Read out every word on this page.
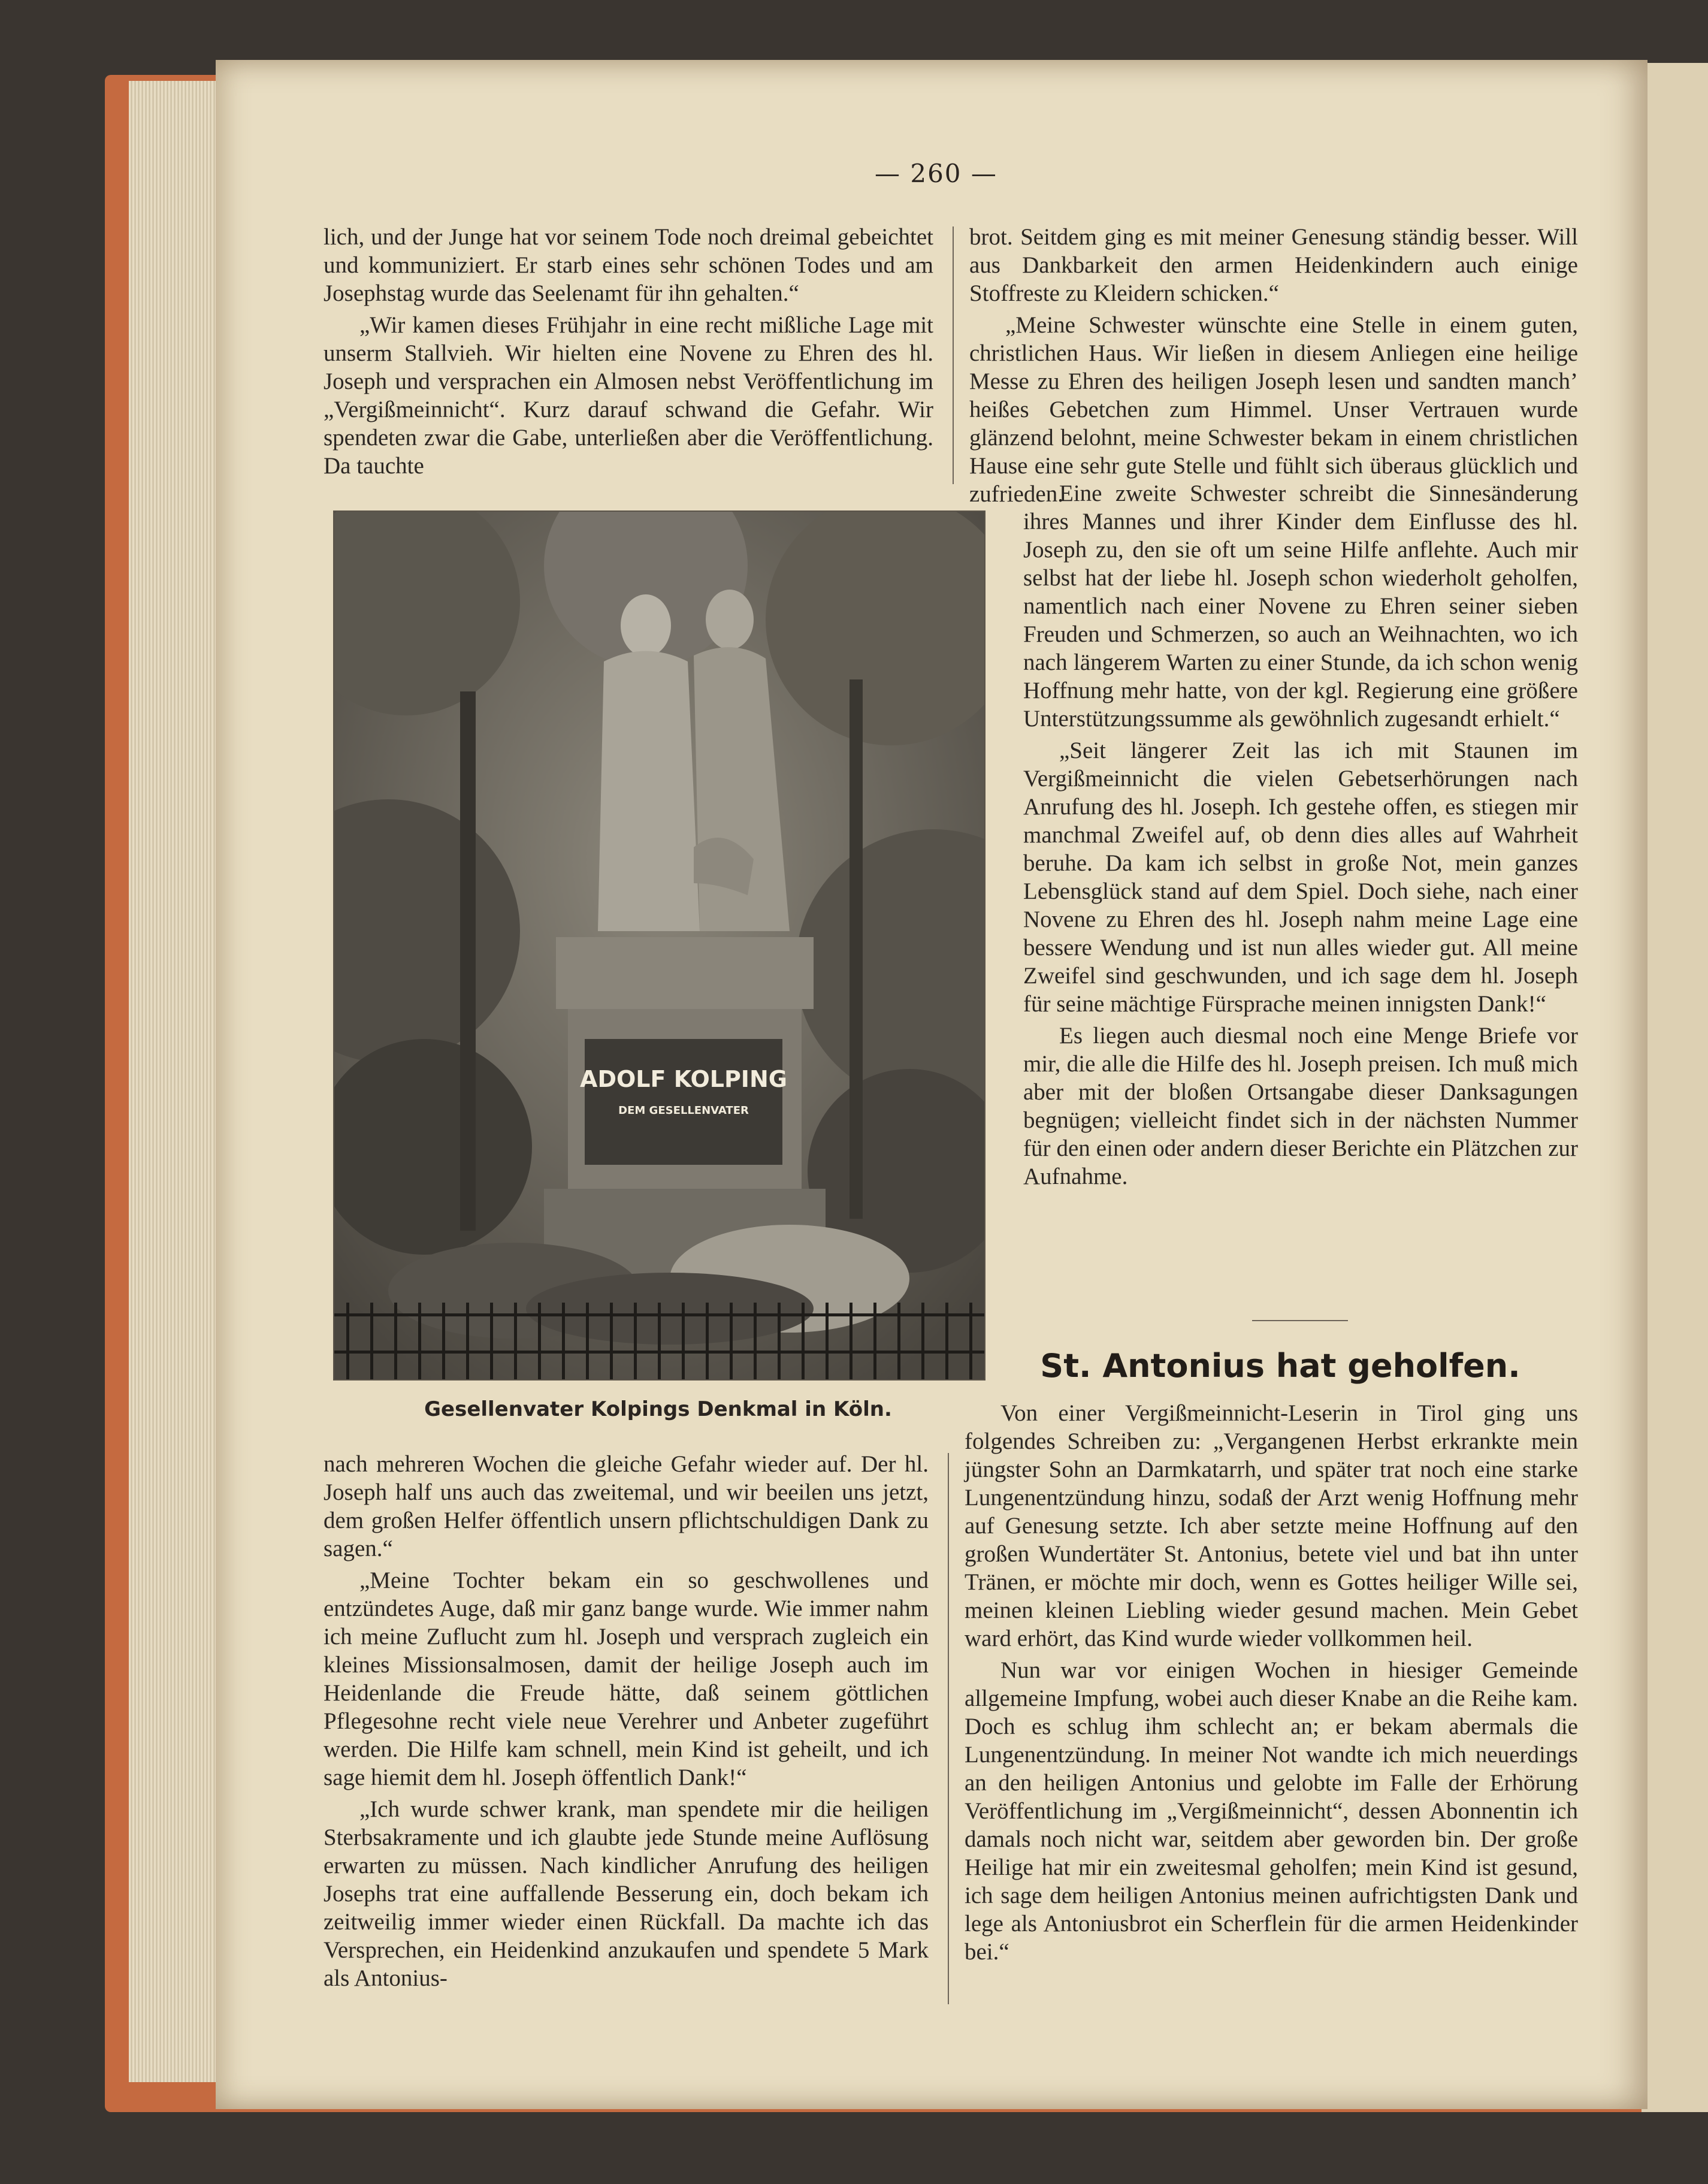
— 260 —

lich, und der Junge hat vor seinem Tode noch dreimal gebeichtet und kommuniziert. Er starb eines sehr schönen Todes und am Josephstag wurde das Seelenamt für ihn gehalten.“

„Wir kamen dieses Frühjahr in eine recht mißliche Lage mit unserm Stallvieh. Wir hielten eine Novene zu Ehren des hl. Joseph und versprachen ein Almosen nebst Veröffentlichung im „Vergißmeinnicht“. Kurz darauf schwand die Gefahr. Wir spendeten zwar die Gabe, unterließen aber die Veröffentlichung. Da tauchte

brot. Seitdem ging es mit meiner Genesung ständig besser. Will aus Dankbarkeit den armen Heidenkindern auch einige Stoffreste zu Kleidern schicken.“

„Meine Schwester wünschte eine Stelle in einem guten, christlichen Haus. Wir ließen in diesem Anliegen eine heilige Messe zu Ehren des heiligen Joseph lesen und sandten manch’ heißes Gebetchen zum Himmel. Unser Vertrauen wurde glänzend belohnt, meine Schwester bekam in einem christlichen Hause eine sehr gute Stelle und fühlt sich überaus glücklich und zufrieden.

ADOLF KOLPING
DEM GESELLENVATER
Gesellenvater Kolpings Denkmal in Köln.

Eine zweite Schwester schreibt die Sinnesänderung ihres Mannes und ihrer Kinder dem Einflusse des hl. Joseph zu, den sie oft um seine Hilfe anflehte. Auch mir selbst hat der liebe hl. Joseph schon wiederholt geholfen, namentlich nach einer Novene zu Ehren seiner sieben Freuden und Schmerzen, so auch an Weihnachten, wo ich nach längerem Warten zu einer Stunde, da ich schon wenig Hoffnung mehr hatte, von der kgl. Regierung eine größere Unterstützungssumme als gewöhnlich zugesandt erhielt.“

„Seit längerer Zeit las ich mit Staunen im Vergißmeinnicht die vielen Gebetserhörungen nach Anrufung des hl. Joseph. Ich gestehe offen, es stiegen mir manchmal Zweifel auf, ob denn dies alles auf Wahrheit beruhe. Da kam ich selbst in große Not, mein ganzes Lebensglück stand auf dem Spiel. Doch siehe, nach einer Novene zu Ehren des hl. Joseph nahm meine Lage eine bessere Wendung und ist nun alles wieder gut. All meine Zweifel sind geschwunden, und ich sage dem hl. Joseph für seine mächtige Fürsprache meinen innigsten Dank!“

Es liegen auch diesmal noch eine Menge Briefe vor mir, die alle die Hilfe des hl. Joseph preisen. Ich muß mich aber mit der bloßen Ortsangabe dieser Danksagungen begnügen; vielleicht findet sich in der nächsten Nummer für den einen oder andern dieser Berichte ein Plätzchen zur Aufnahme.

St. Antonius hat geholfen.

nach mehreren Wochen die gleiche Gefahr wieder auf. Der hl. Joseph half uns auch das zweitemal, und wir beeilen uns jetzt, dem großen Helfer öffentlich unsern pflichtschuldigen Dank zu sagen.“

„Meine Tochter bekam ein so geschwollenes und entzündetes Auge, daß mir ganz bange wurde. Wie immer nahm ich meine Zuflucht zum hl. Joseph und versprach zugleich ein kleines Missionsalmosen, damit der heilige Joseph auch im Heidenlande die Freude hätte, daß seinem göttlichen Pflegesohne recht viele neue Verehrer und Anbeter zugeführt werden. Die Hilfe kam schnell, mein Kind ist geheilt, und ich sage hiemit dem hl. Joseph öffentlich Dank!“

„Ich wurde schwer krank, man spendete mir die heiligen Sterbsakramente und ich glaubte jede Stunde meine Auflösung erwarten zu müssen. Nach kindlicher Anrufung des heiligen Josephs trat eine auffallende Besserung ein, doch bekam ich zeitweilig immer wieder einen Rückfall. Da machte ich das Versprechen, ein Heidenkind anzukaufen und spendete 5 Mark als Antonius-

Von einer Vergißmeinnicht-Leserin in Tirol ging uns folgendes Schreiben zu: „Vergangenen Herbst erkrankte mein jüngster Sohn an Darmkatarrh, und später trat noch eine starke Lungenentzündung hinzu, sodaß der Arzt wenig Hoffnung mehr auf Genesung setzte. Ich aber setzte meine Hoffnung auf den großen Wundertäter St. Antonius, betete viel und bat ihn unter Tränen, er möchte mir doch, wenn es Gottes heiliger Wille sei, meinen kleinen Liebling wieder gesund machen. Mein Gebet ward erhört, das Kind wurde wieder vollkommen heil.

Nun war vor einigen Wochen in hiesiger Gemeinde allgemeine Impfung, wobei auch dieser Knabe an die Reihe kam. Doch es schlug ihm schlecht an; er bekam abermals die Lungenentzündung. In meiner Not wandte ich mich neuerdings an den heiligen Antonius und gelobte im Falle der Erhörung Veröffentlichung im „Vergißmeinnicht“, dessen Abonnentin ich damals noch nicht war, seitdem aber geworden bin. Der große Heilige hat mir ein zweitesmal geholfen; mein Kind ist gesund, ich sage dem heiligen Antonius meinen aufrichtigsten Dank und lege als Antoniusbrot ein Scherflein für die armen Heidenkinder bei.“
